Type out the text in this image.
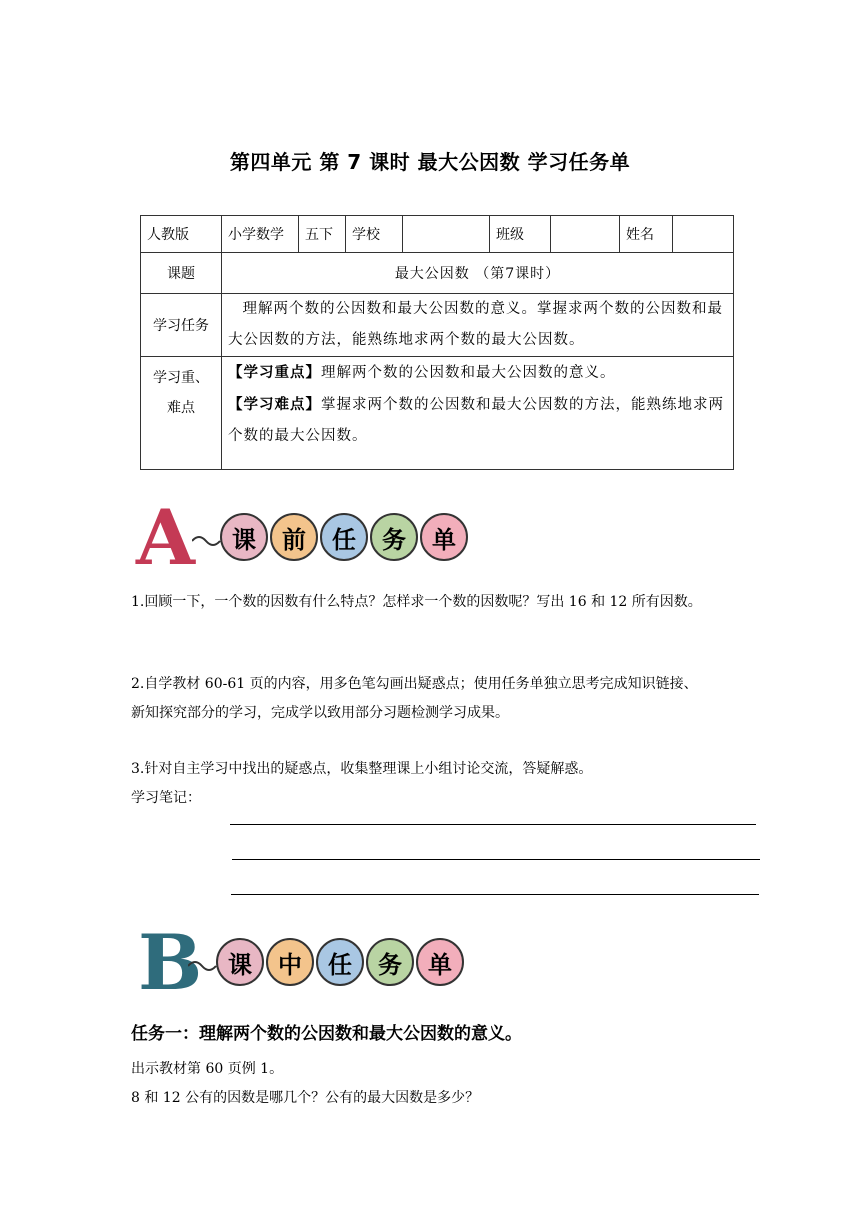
第四单元 第 7 课时 最大公因数 学习任务单
人教版	小学数学	五下	学校		班级		姓名	
课题	最大公因数 （第7课时）							
学习任务	理解两个数的公因数和最大公因数的意义。掌握求两个数的公因数和最大公因数的方法，能熟练地求两个数的最大公因数。							
学习重、难点	【学习重点】理解两个数的公因数和最大公因数的意义。
【学习难点】掌握求两个数的公因数和最大公因数的方法，能熟练地求两个数的最大公因数。							
A	课	前	任	务	单
1.回顾一下，一个数的因数有什么特点？怎样求一个数的因数呢？写出 16 和 12 所有因数。
2.自学教材 60-61 页的内容，用多色笔勾画出疑惑点；使用任务单独立思考完成知识链接、
新知探究部分的学习，完成学以致用部分习题检测学习成果。
3.针对自主学习中找出的疑惑点，收集整理课上小组讨论交流，答疑解惑。
学习笔记：
B	课	中	任	务	单
任务一：理解两个数的公因数和最大公因数的意义。
出示教材第 60 页例 1。
8 和 12 公有的因数是哪几个？公有的最大因数是多少？
